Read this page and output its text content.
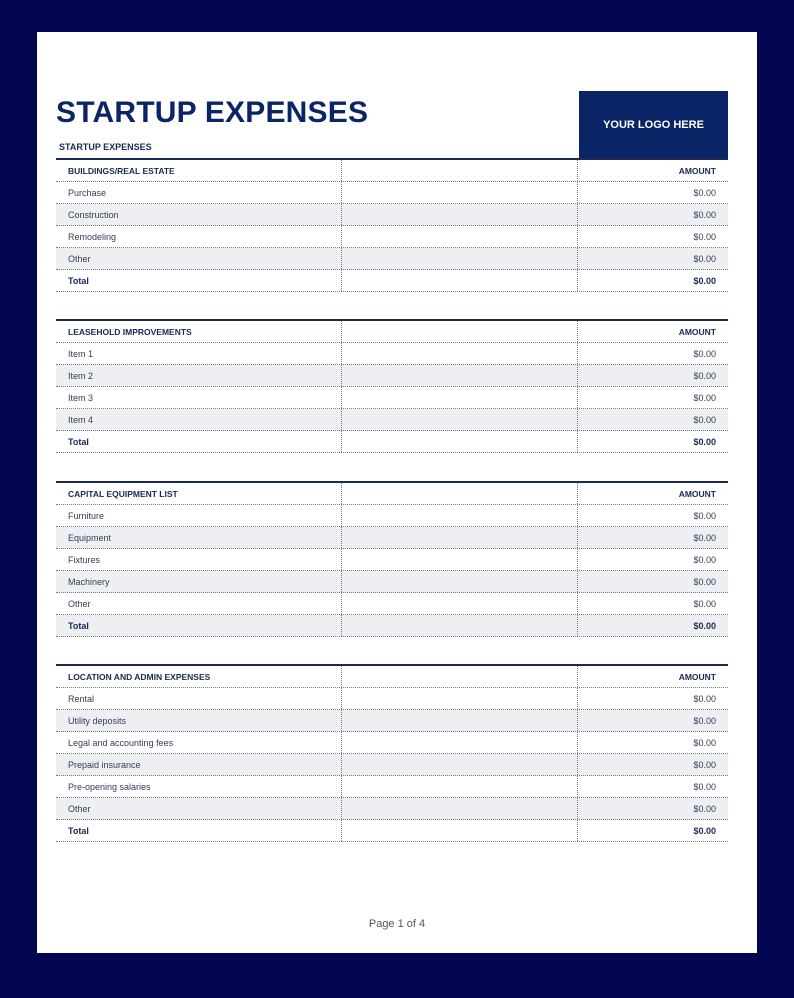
STARTUP EXPENSES
STARTUP EXPENSES
YOUR LOGO HERE
BUILDINGS/REAL ESTATE	AMOUNT
Purchase	$0.00
Construction	$0.00
Remodeling	$0.00
Other	$0.00
Total	$0.00
LEASEHOLD IMPROVEMENTS	AMOUNT
Item 1	$0.00
Item 2	$0.00
Item 3	$0.00
Item 4	$0.00
Total	$0.00
CAPITAL EQUIPMENT LIST	AMOUNT
Furniture	$0.00
Equipment	$0.00
Fixtures	$0.00
Machinery	$0.00
Other	$0.00
Total	$0.00
LOCATION AND ADMIN EXPENSES	AMOUNT
Rental	$0.00
Utility deposits	$0.00
Legal and accounting fees	$0.00
Prepaid insurance	$0.00
Pre-opening salaries	$0.00
Other	$0.00
Total	$0.00
Page 1 of 4
